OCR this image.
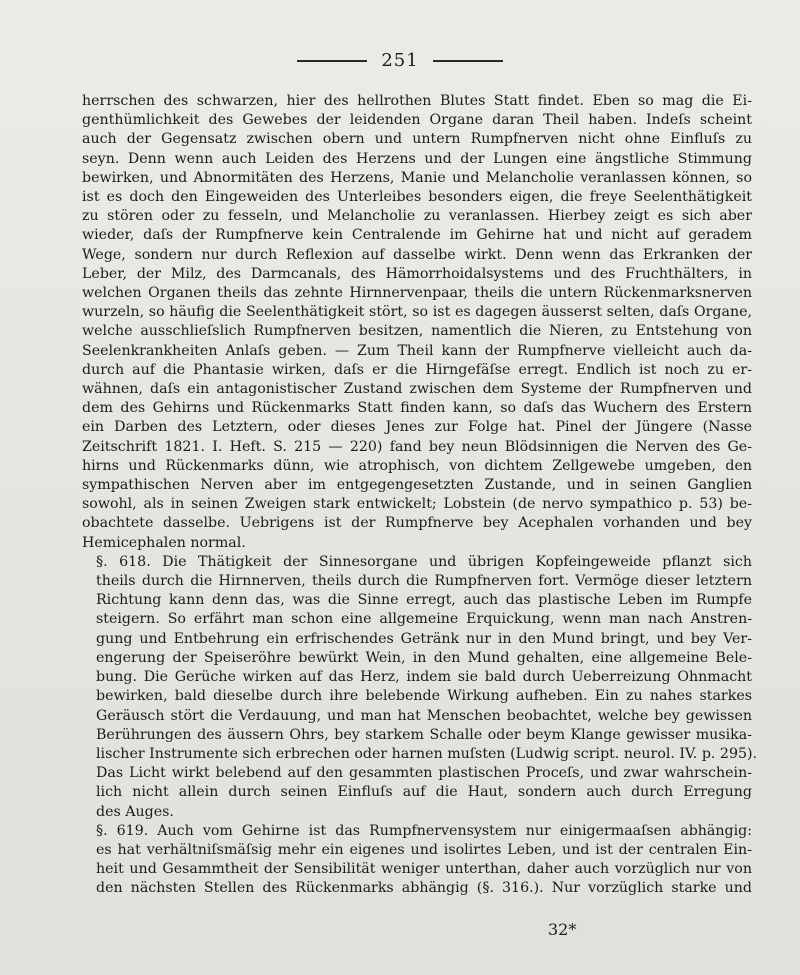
251

herrschen des schwarzen, hier des hellrothen Blutes Statt findet. Eben so mag die Ei-
genthümlichkeit des Gewebes der leidenden Organe daran Theil haben. Indeſs scheint
auch der Gegensatz zwischen obern und untern Rumpfnerven nicht ohne Einfluſs zu
seyn. Denn wenn auch Leiden des Herzens und der Lungen eine ängstliche Stimmung
bewirken, und Abnormitäten des Herzens, Manie und Melancholie veranlassen können, so
ist es doch den Eingeweiden des Unterleibes besonders eigen, die freye Seelenthätigkeit
zu stören oder zu fesseln, und Melancholie zu veranlassen. Hierbey zeigt es sich aber
wieder, daſs der Rumpfnerve kein Centralende im Gehirne hat und nicht auf geradem
Wege, sondern nur durch Reflexion auf dasselbe wirkt. Denn wenn das Erkranken der
Leber, der Milz, des Darmcanals, des Hämorrhoidalsystems und des Fruchthälters, in
welchen Organen theils das zehnte Hirnnervenpaar, theils die untern Rückenmarksnerven
wurzeln, so häufig die Seelenthätigkeit stört, so ist es dagegen äusserst selten, daſs Organe,
welche ausschlieſslich Rumpfnerven besitzen, namentlich die Nieren, zu Entstehung von
Seelenkrankheiten Anlaſs geben. — Zum Theil kann der Rumpfnerve vielleicht auch da-
durch auf die Phantasie wirken, daſs er die Hirngefäſse erregt. Endlich ist noch zu er-
wähnen, daſs ein antagonistischer Zustand zwischen dem Systeme der Rumpfnerven und
dem des Gehirns und Rückenmarks Statt finden kann, so daſs das Wuchern des Erstern
ein Darben des Letztern, oder dieses Jenes zur Folge hat. Pinel der Jüngere (Nasse
Zeitschrift 1821. I. Heft. S. 215 — 220) fand bey neun Blödsinnigen die Nerven des Ge-
hirns und Rückenmarks dünn, wie atrophisch, von dichtem Zellgewebe umgeben, den
sympathischen Nerven aber im entgegengesetzten Zustande, und in seinen Ganglien
sowohl, als in seinen Zweigen stark entwickelt; Lobstein (de nervo sympathico p. 53) be-
obachtete dasselbe. Uebrigens ist der Rumpfnerve bey Acephalen vorhanden und bey
Hemicephalen normal.

§. 618. Die Thätigkeit der Sinnesorgane und übrigen Kopfeingeweide pflanzt sich
theils durch die Hirnnerven, theils durch die Rumpfnerven fort. Vermöge dieser letztern
Richtung kann denn das, was die Sinne erregt, auch das plastische Leben im Rumpfe
steigern. So erfährt man schon eine allgemeine Erquickung, wenn man nach Anstren-
gung und Entbehrung ein erfrischendes Getränk nur in den Mund bringt, und bey Ver-
engerung der Speiseröhre bewürkt Wein, in den Mund gehalten, eine allgemeine Bele-
bung. Die Gerüche wirken auf das Herz, indem sie bald durch Ueberreizung Ohnmacht
bewirken, bald dieselbe durch ihre belebende Wirkung aufheben. Ein zu nahes starkes
Geräusch stört die Verdauung, und man hat Menschen beobachtet, welche bey gewissen
Berührungen des äussern Ohrs, bey starkem Schalle oder beym Klange gewisser musika-
lischer Instrumente sich erbrechen oder harnen muſsten (Ludwig script. neurol. IV. p. 295).
Das Licht wirkt belebend auf den gesammten plastischen Proceſs, und zwar wahrschein-
lich nicht allein durch seinen Einfluſs auf die Haut, sondern auch durch Erregung
des Auges.

§. 619. Auch vom Gehirne ist das Rumpfnervensystem nur einigermaaſsen abhängig:
es hat verhältniſsmäſsig mehr ein eigenes und isolirtes Leben, und ist der centralen Ein-
heit und Gesammtheit der Sensibilität weniger unterthan, daher auch vorzüglich nur von
den nächsten Stellen des Rückenmarks abhängig (§. 316.). Nur vorzüglich starke und

32*
